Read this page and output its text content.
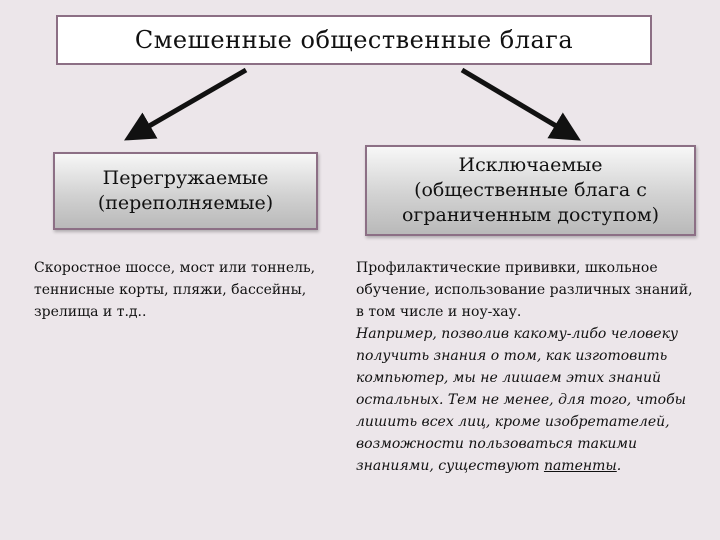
Смешенные общественные блага
Перегружаемые
(переполняемые)
Исключаемые
(общественные блага с
ограниченным доступом)

Скоростное шоссе, мост или тоннель, теннисные корты, пляжи, бассейны, зрелища и т.д..

Профилактические прививки, школьное обучение, использование различных знаний, в том числе и ноу-хау.

Например, позволив какому-либо человеку получить знания о том, как изготовить компьютер, мы не лишаем этих знаний остальных. Тем не менее, для того, чтобы лишить всех лиц, кроме изобретателей, возможности пользоваться такими знаниями, существуют патенты.
